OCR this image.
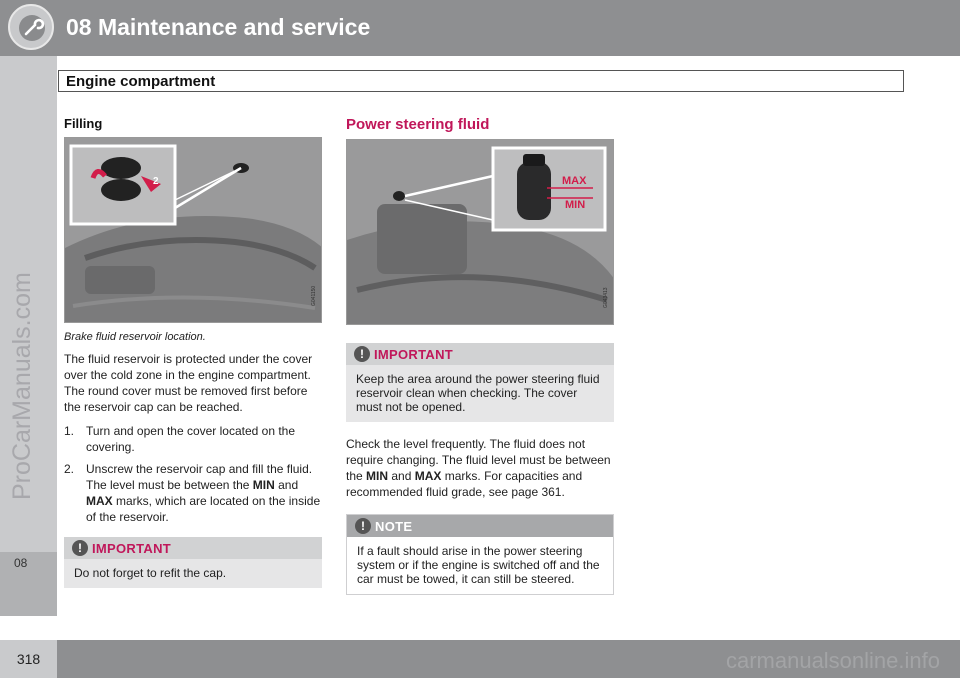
08 Maintenance and service
Engine compartment
08
ProCarManuals.com
Filling
2
G041150
Brake fluid reservoir location.

The fluid reservoir is protected under the cover over the cold zone in the engine compartment. The round cover must be removed first before the reservoir cap can be reached.

1. Turn and open the cover located on the covering.
2. Unscrew the reservoir cap and fill the fluid. The level must be between the MIN and MAX marks, which are located on the inside of the reservoir.
! IMPORTANT
Do not forget to refit the cap.
Power steering fluid
MAX
MIN
G043413
! IMPORTANT
Keep the area around the power steering fluid reservoir clean when checking. The cover must not be opened.

Check the level frequently. The fluid does not require changing. The fluid level must be between the MIN and MAX marks. For capacities and recommended fluid grade, see page 361.

! NOTE
If a fault should arise in the power steering system or if the engine is switched off and the car must be towed, it can still be steered.
318	carmanualsonline.info
